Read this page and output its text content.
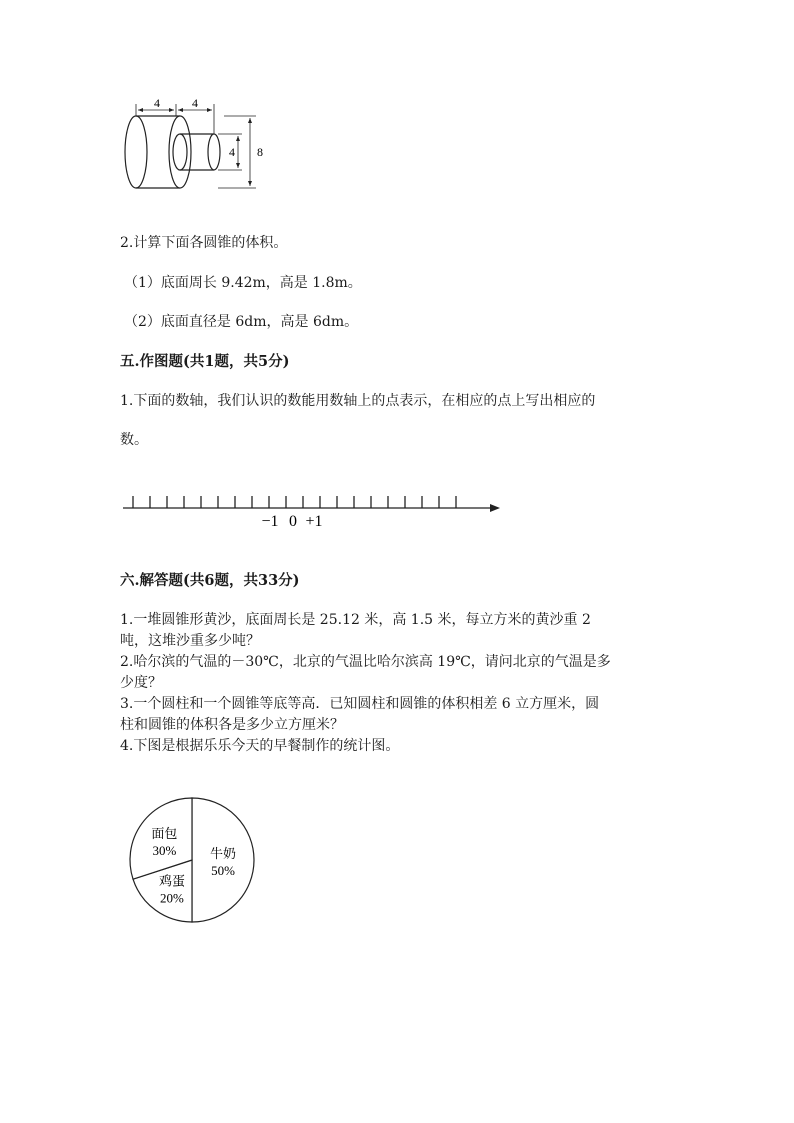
4	4
4 8
2.计算下面各圆锥的体积。
（1）底面周长 9.42m，高是 1.8m。
（2）底面直径是 6dm，高是 6dm。
五.作图题(共1题，共5分)
1.下面的数轴，我们认识的数能用数轴上的点表示，在相应的点上写出相应的
数。
−1 0 +1
六.解答题(共6题，共33分)
1.一堆圆锥形黄沙，底面周长是 25.12 米，高 1.5 米，每立方米的黄沙重 2
吨，这堆沙重多少吨？
2.哈尔滨的气温的－30℃，北京的气温比哈尔滨高 19℃，请问北京的气温是多
少度？
3.一个圆柱和一个圆锥等底等高．已知圆柱和圆锥的体积相差 6 立方厘米，圆
柱和圆锥的体积各是多少立方厘米？
4.下图是根据乐乐今天的早餐制作的统计图。
牛奶
50%
鸡蛋
20%
面包
30%
